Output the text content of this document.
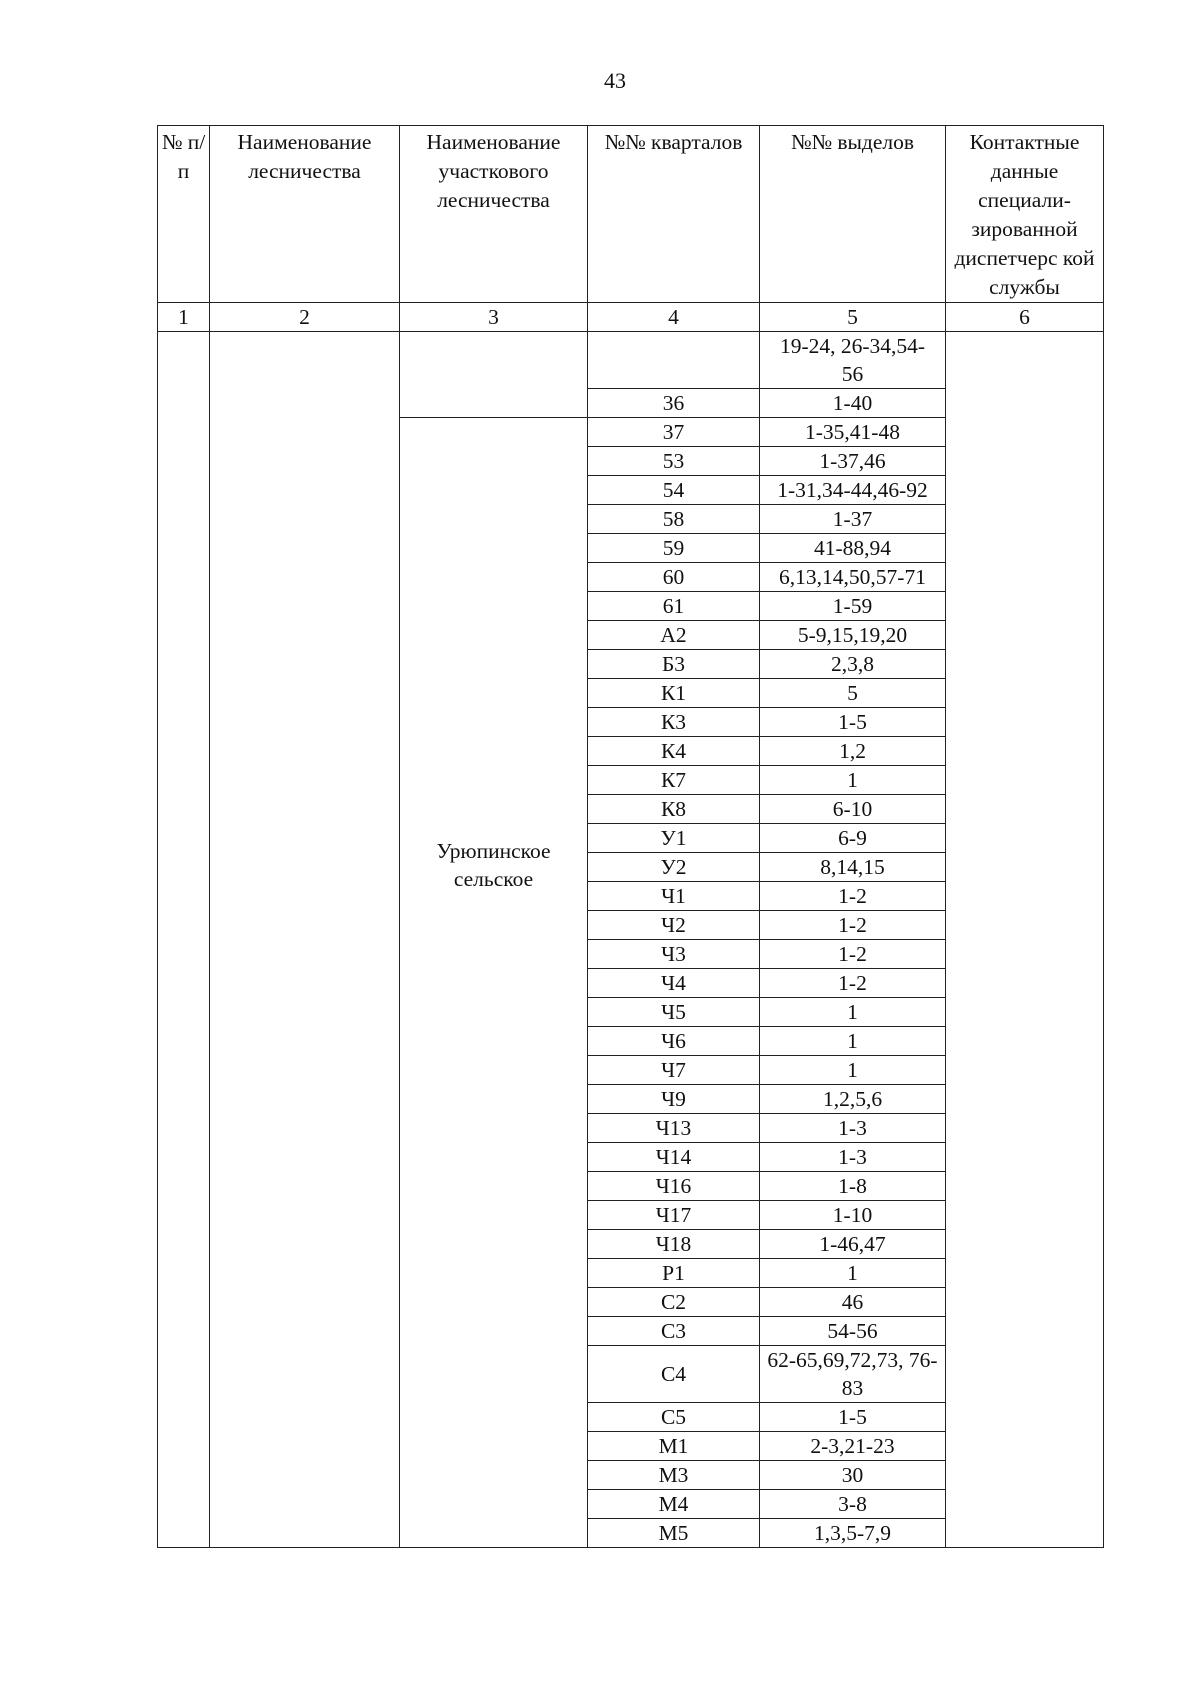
43
№ п/п	Наименование лесничества	Наименование участкового лесничества	№№ кварталов	№№ выделов	Контактные данные специали- зированной диспетчерс кой службы
1	2	3	4	5	6
				19-24, 26-34,54-56	
			36	1-40	
		Урюпинское сельское	37	1-35,41-48	
			53	1-37,46	
			54	1-31,34-44,46-92	
			58	1-37	
			59	41-88,94	
			60	6,13,14,50,57-71	
			61	1-59	
			А2	5-9,15,19,20	
			Б3	2,3,8	
			К1	5	
			К3	1-5	
			К4	1,2	
			К7	1	
			К8	6-10	
			У1	6-9	
			У2	8,14,15	
			Ч1	1-2	
			Ч2	1-2	
			Ч3	1-2	
			Ч4	1-2	
			Ч5	1	
			Ч6	1	
			Ч7	1	
			Ч9	1,2,5,6	
			Ч13	1-3	
			Ч14	1-3	
			Ч16	1-8	
			Ч17	1-10	
			Ч18	1-46,47	
			Р1	1	
			С2	46	
			С3	54-56	
			С4	62-65,69,72,73, 76-83	
			С5	1-5	
			М1	2-3,21-23	
			М3	30	
			М4	3-8	
			М5	1,3,5-7,9	
